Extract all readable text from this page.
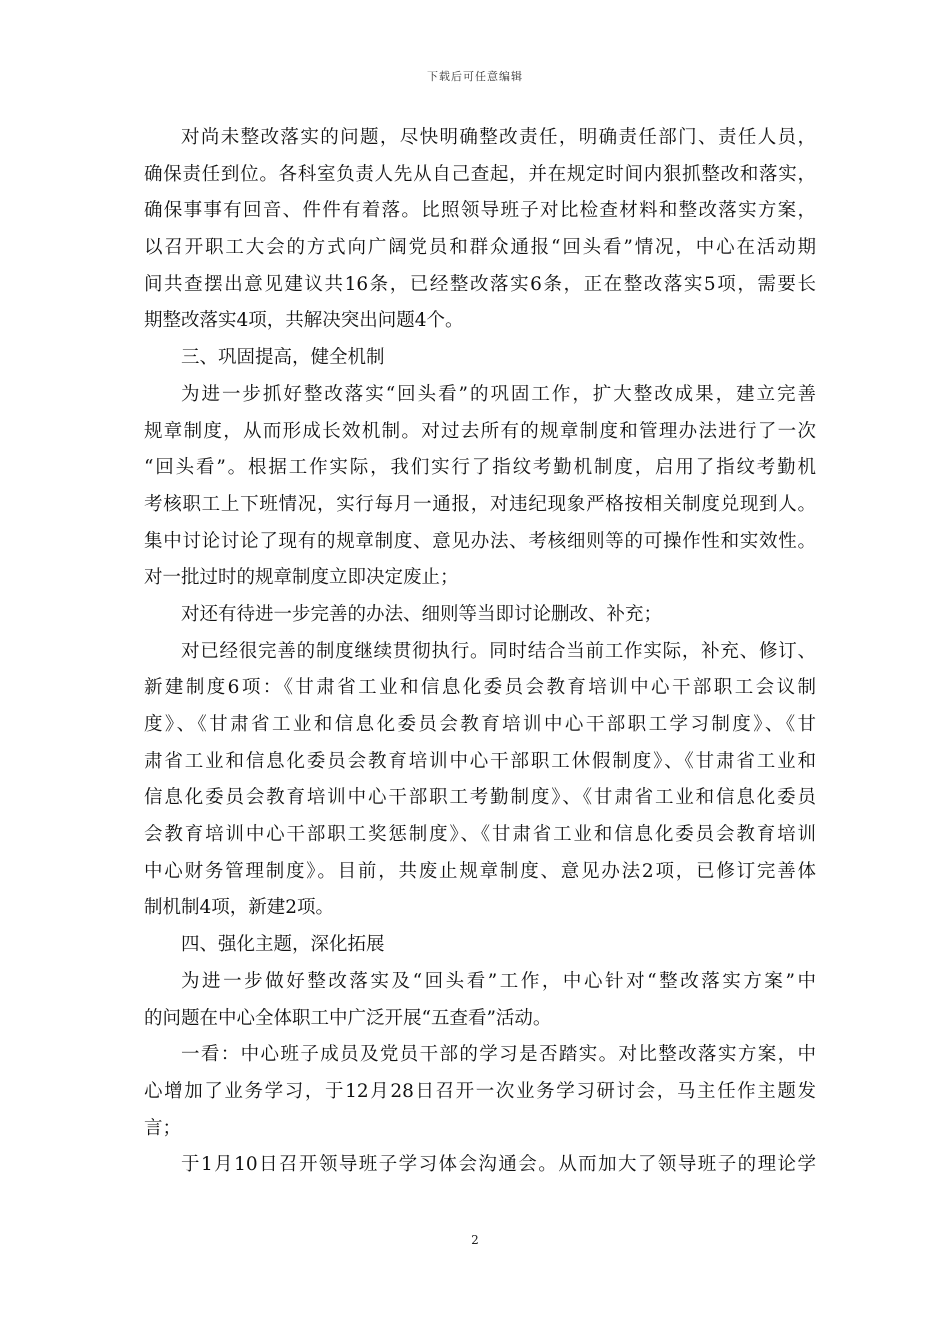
下载后可任意编辑
对尚未整改落实的问题，尽快明确整改责任，明确责任部门、责任人员，
确保责任到位。各科室负责人先从自己查起，并在规定时间内狠抓整改和落实，
确保事事有回音、件件有着落。比照领导班子对比检查材料和整改落实方案，
以召开职工大会的方式向广阔党员和群众通报“回头看”情况，中心在活动期
间共查摆出意见建议共16条，已经整改落实6条，正在整改落实5项，需要长
期整改落实4项，共解决突出问题4个。
三、巩固提高，健全机制
为进一步抓好整改落实“回头看”的巩固工作，扩大整改成果，建立完善
规章制度，从而形成长效机制。对过去所有的规章制度和管理办法进行了一次
“回头看”。根据工作实际，我们实行了指纹考勤机制度，启用了指纹考勤机
考核职工上下班情况，实行每月一通报，对违纪现象严格按相关制度兑现到人。
集中讨论讨论了现有的规章制度、意见办法、考核细则等的可操作性和实效性。
对一批过时的规章制度立即决定废止；
对还有待进一步完善的办法、细则等当即讨论删改、补充；
对已经很完善的制度继续贯彻执行。同时结合当前工作实际，补充、修订、
新建制度6项：《甘肃省工业和信息化委员会教育培训中心干部职工会议制
度》、《甘肃省工业和信息化委员会教育培训中心干部职工学习制度》、《甘
肃省工业和信息化委员会教育培训中心干部职工休假制度》、《甘肃省工业和
信息化委员会教育培训中心干部职工考勤制度》、《甘肃省工业和信息化委员
会教育培训中心干部职工奖惩制度》、《甘肃省工业和信息化委员会教育培训
中心财务管理制度》。目前，共废止规章制度、意见办法2项，已修订完善体
制机制4项，新建2项。
四、强化主题，深化拓展
为进一步做好整改落实及“回头看”工作，中心针对“整改落实方案”中
的问题在中心全体职工中广泛开展“五查看”活动。
一看：中心班子成员及党员干部的学习是否踏实。对比整改落实方案，中
心增加了业务学习，于12月28日召开一次业务学习研讨会，马主任作主题发
言；
于1月10日召开领导班子学习体会沟通会。从而加大了领导班子的理论学
2
